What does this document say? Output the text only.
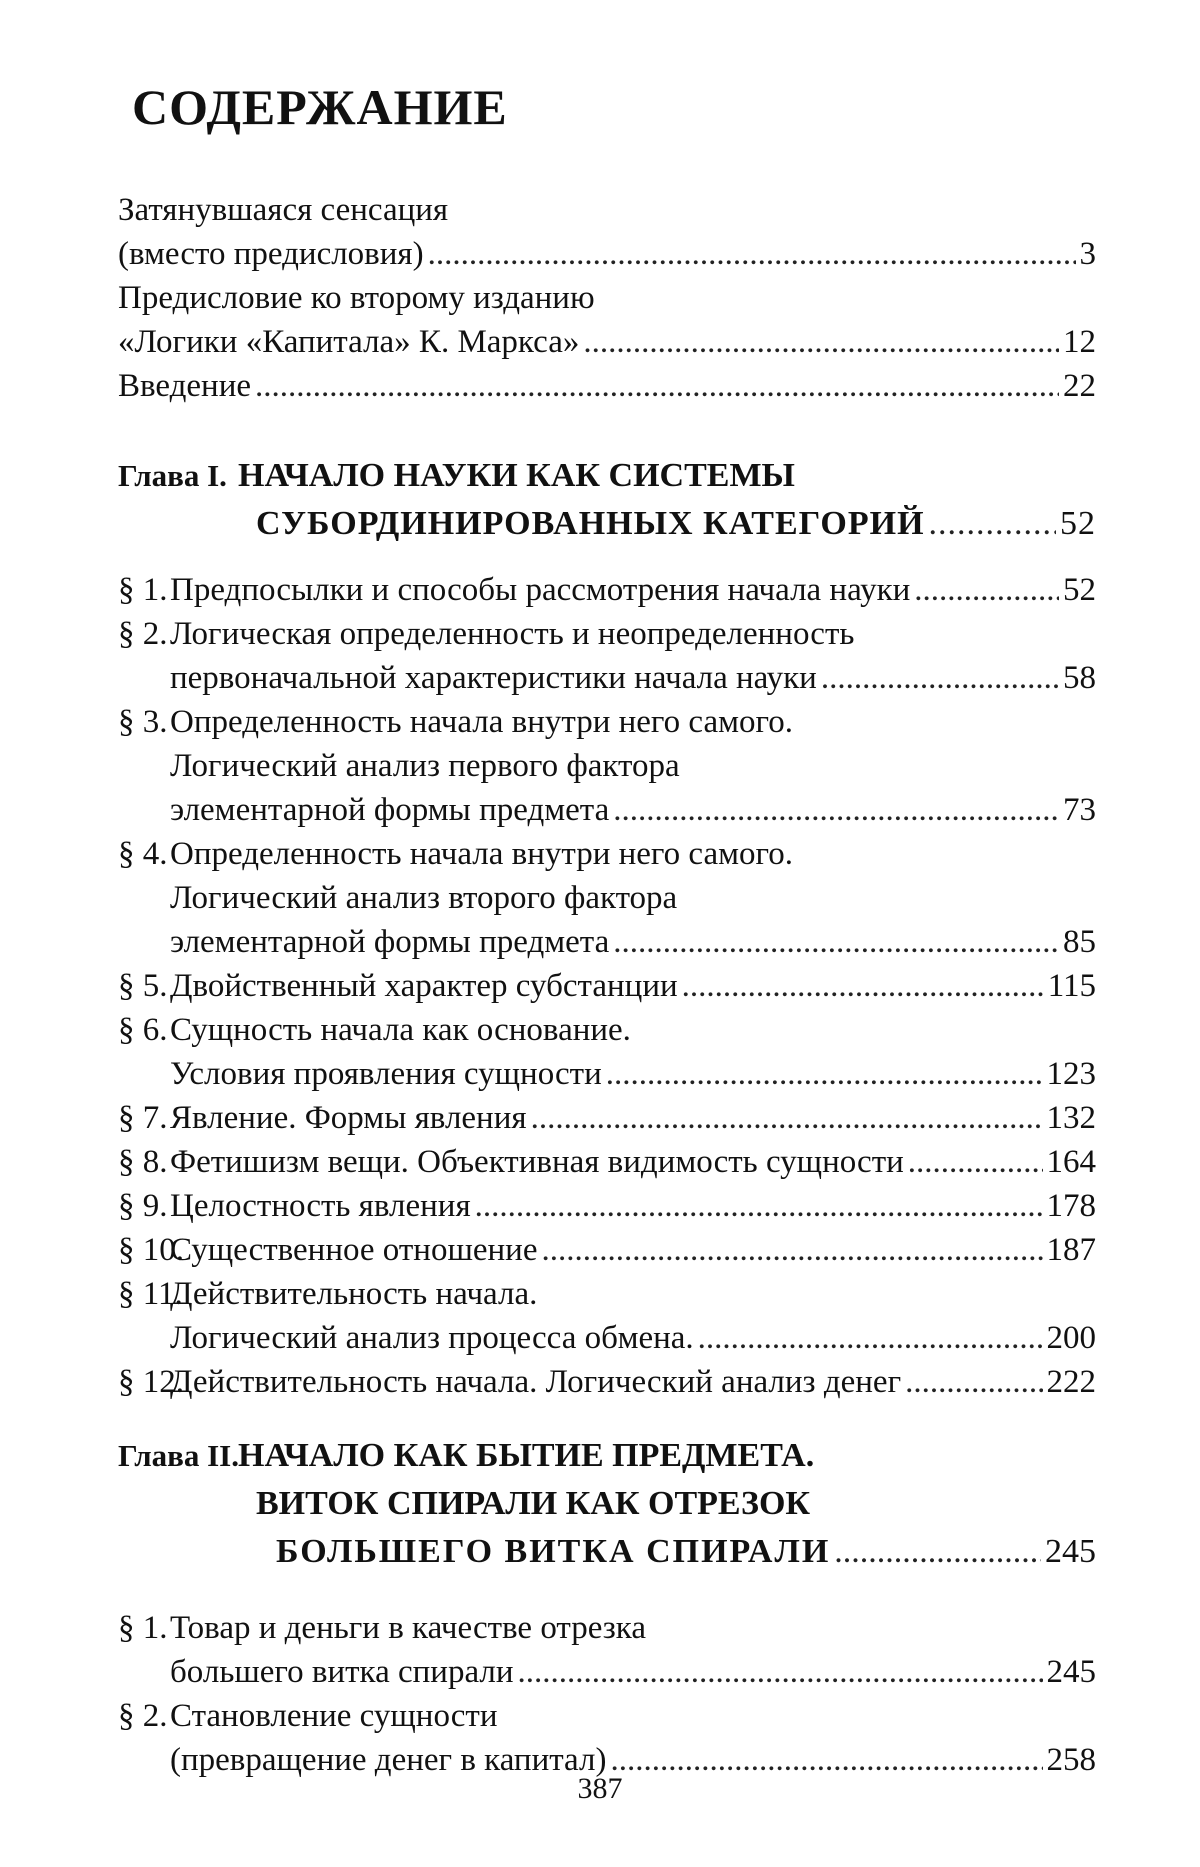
СОДЕРЖАНИЕ
Затянувшаяся сенсация
(вместо предисловия) .....	3
Предисловие ко второму изданию
«Логики «Капитала» К. Маркса» .....	12
Введение .....	22
Глава I. НАЧАЛО НАУКИ КАК СИСТЕМЫ
СУБОРДИНИРОВАННЫХ КАТЕГОРИЙ .....	52
§ 1. Предпосылки и способы рассмотрения начала науки .....	52
§ 2.Логическая определенность и неопределенность
первоначальной характеристики начала науки .....	58
§ 3.Определенность начала внутри него самого.
Логический анализ первого фактора
элементарной формы предмета .....	73
§ 4.Определенность начала внутри него самого.
Логический анализ второго фактора
элементарной формы предмета .....	85
§ 5. Двойственный характер субстанции .....	115
§ 6.Сущность начала как основание.
Условия проявления сущности .....	123
§ 7. Явление. Формы явления .....	132
§ 8. Фетишизм вещи. Объективная видимость сущности .....	164
§ 9. Целостность явления .....	178
§ 10.
Существенное отношение .....	187
§ 11.Действительность начала.
Логический анализ процесса обмена. .....	200
§ 12.
Действительность начала. Логический анализ денег .....	222
Глава II.НАЧАЛО КАК БЫТИЕ ПРЕДМЕТА.
ВИТОК СПИРАЛИ КАК ОТРЕЗОК
БОЛЬШЕГО ВИТКА СПИРАЛИ .....	245
§ 1.Товар и деньги в качестве отрезка
большего витка спирали .....	245
§ 2.Становление сущности
(превращение денег в капитал) .....	258
387
